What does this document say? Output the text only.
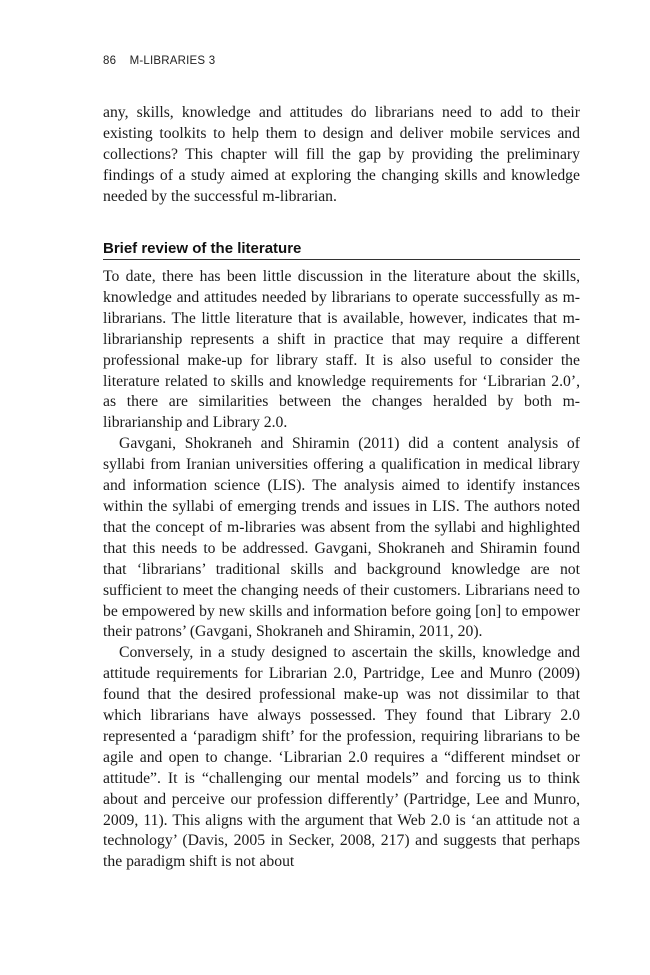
86 M-LIBRARIES 3

any, skills, knowledge and attitudes do librarians need to add to their existing toolkits to help them to design and deliver mobile services and collections? This chapter will fill the gap by providing the preliminary findings of a study aimed at exploring the changing skills and knowledge needed by the successful m-librarian.

Brief review of the literature

To date, there has been little discussion in the literature about the skills, knowledge and attitudes needed by librarians to operate successfully as m-librarians. The little literature that is available, however, indicates that m-librarianship represents a shift in practice that may require a different professional make-up for library staff. It is also useful to consider the literature related to skills and knowledge requirements for ‘Librarian 2.0’, as there are similarities between the changes heralded by both m-librarianship and Library 2.0.

Gavgani, Shokraneh and Shiramin (2011) did a content analysis of syllabi from Iranian universities offering a qualification in medical library and information science (LIS). The analysis aimed to identify instances within the syllabi of emerging trends and issues in LIS. The authors noted that the concept of m-libraries was absent from the syllabi and highlighted that this needs to be addressed. Gavgani, Shokraneh and Shiramin found that ‘librarians’ traditional skills and background knowledge are not sufficient to meet the changing needs of their customers. Librarians need to be empowered by new skills and information before going [on] to empower their patrons’ (Gavgani, Shokraneh and Shiramin, 2011, 20).

Conversely, in a study designed to ascertain the skills, knowledge and attitude requirements for Librarian 2.0, Partridge, Lee and Munro (2009) found that the desired professional make-up was not dissimilar to that which librarians have always possessed. They found that Library 2.0 represented a ‘paradigm shift’ for the profession, requiring librarians to be agile and open to change. ‘Librarian 2.0 requires a “different mindset or attitude”. It is “challenging our mental models” and forcing us to think about and perceive our profession differently’ (Partridge, Lee and Munro, 2009, 11). This aligns with the argument that Web 2.0 is ‘an attitude not a technology’ (Davis, 2005 in Secker, 2008, 217) and suggests that perhaps the paradigm shift is not about
